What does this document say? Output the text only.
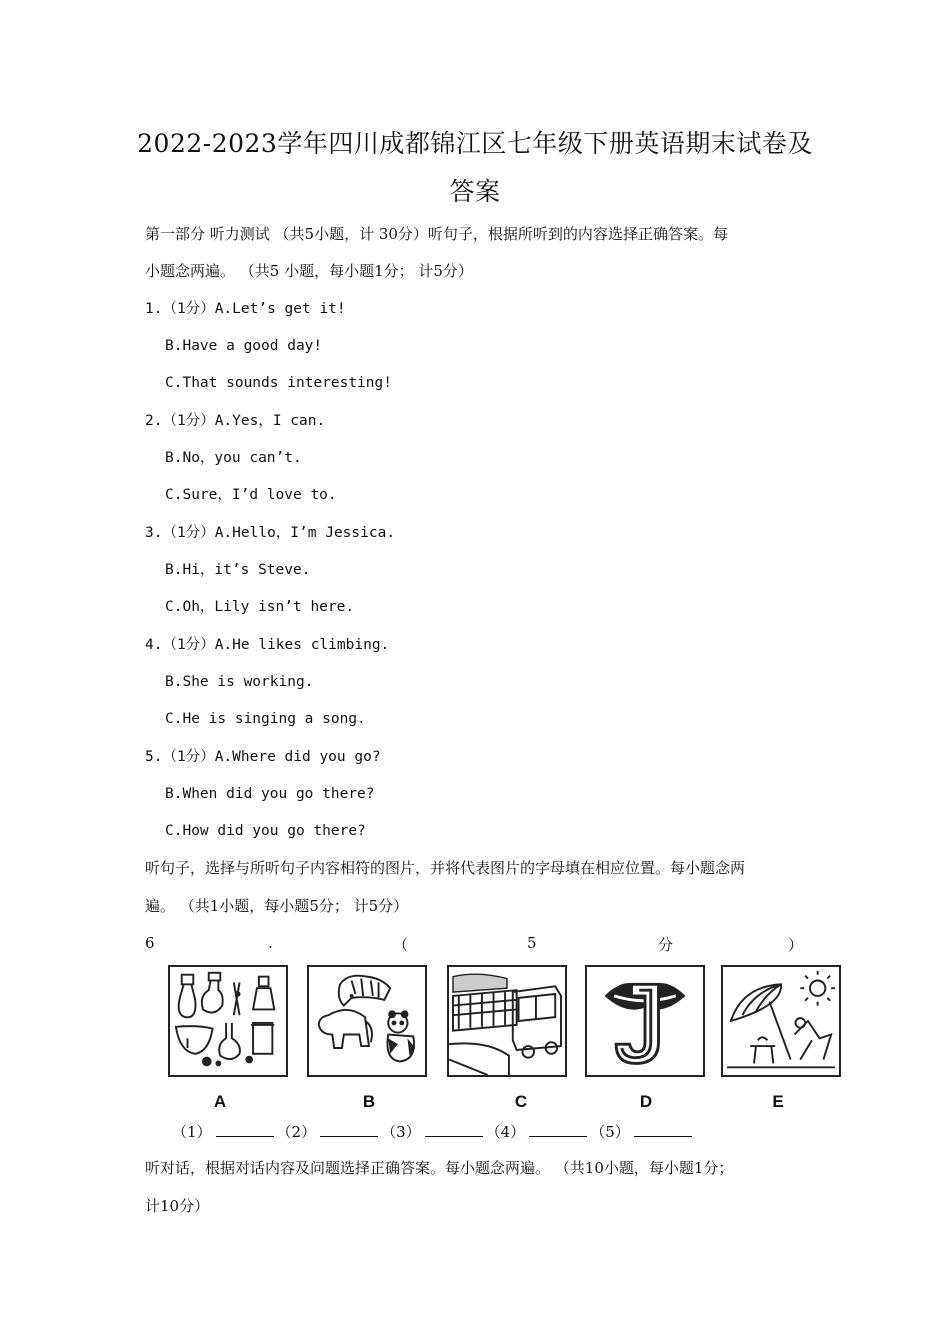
2022-2023学年四川成都锦江区七年级下册英语期末试卷及
答案
第一部分 听力测试 （共5小题，计 30分）听句子，根据所听到的内容选择正确答案。每
小题念两遍。 （共5 小题，每小题1分； 计5分）
1.（1分）A.Let’s get it!
B.Have a good day!
C.That sounds interesting!
2.（1分）A.Yes，I can.
B.No，you can’t.
C.Sure，I’d love to.
3.（1分）A.Hello，I’m Jessica.
B.Hi，it’s Steve.
C.Oh，Lily isn’t here.
4.（1分）A.He likes climbing.
B.She is working.
C.He is singing a song.
5.（1分）A.Where did you go?
B.When did you go there?
C.How did you go there?
听句子，选择与所听句子内容相符的图片，并将代表图片的字母填在相应位置。每小题念两
遍。 （共1小题，每小题5分； 计5分）
6	.	（	5	分	）
A	B	C	D	E
（1）	（2）	（3）	（4）	（5）
听对话，根据对话内容及问题选择正确答案。每小题念两遍。 （共10小题，每小题1分；
计10分）
